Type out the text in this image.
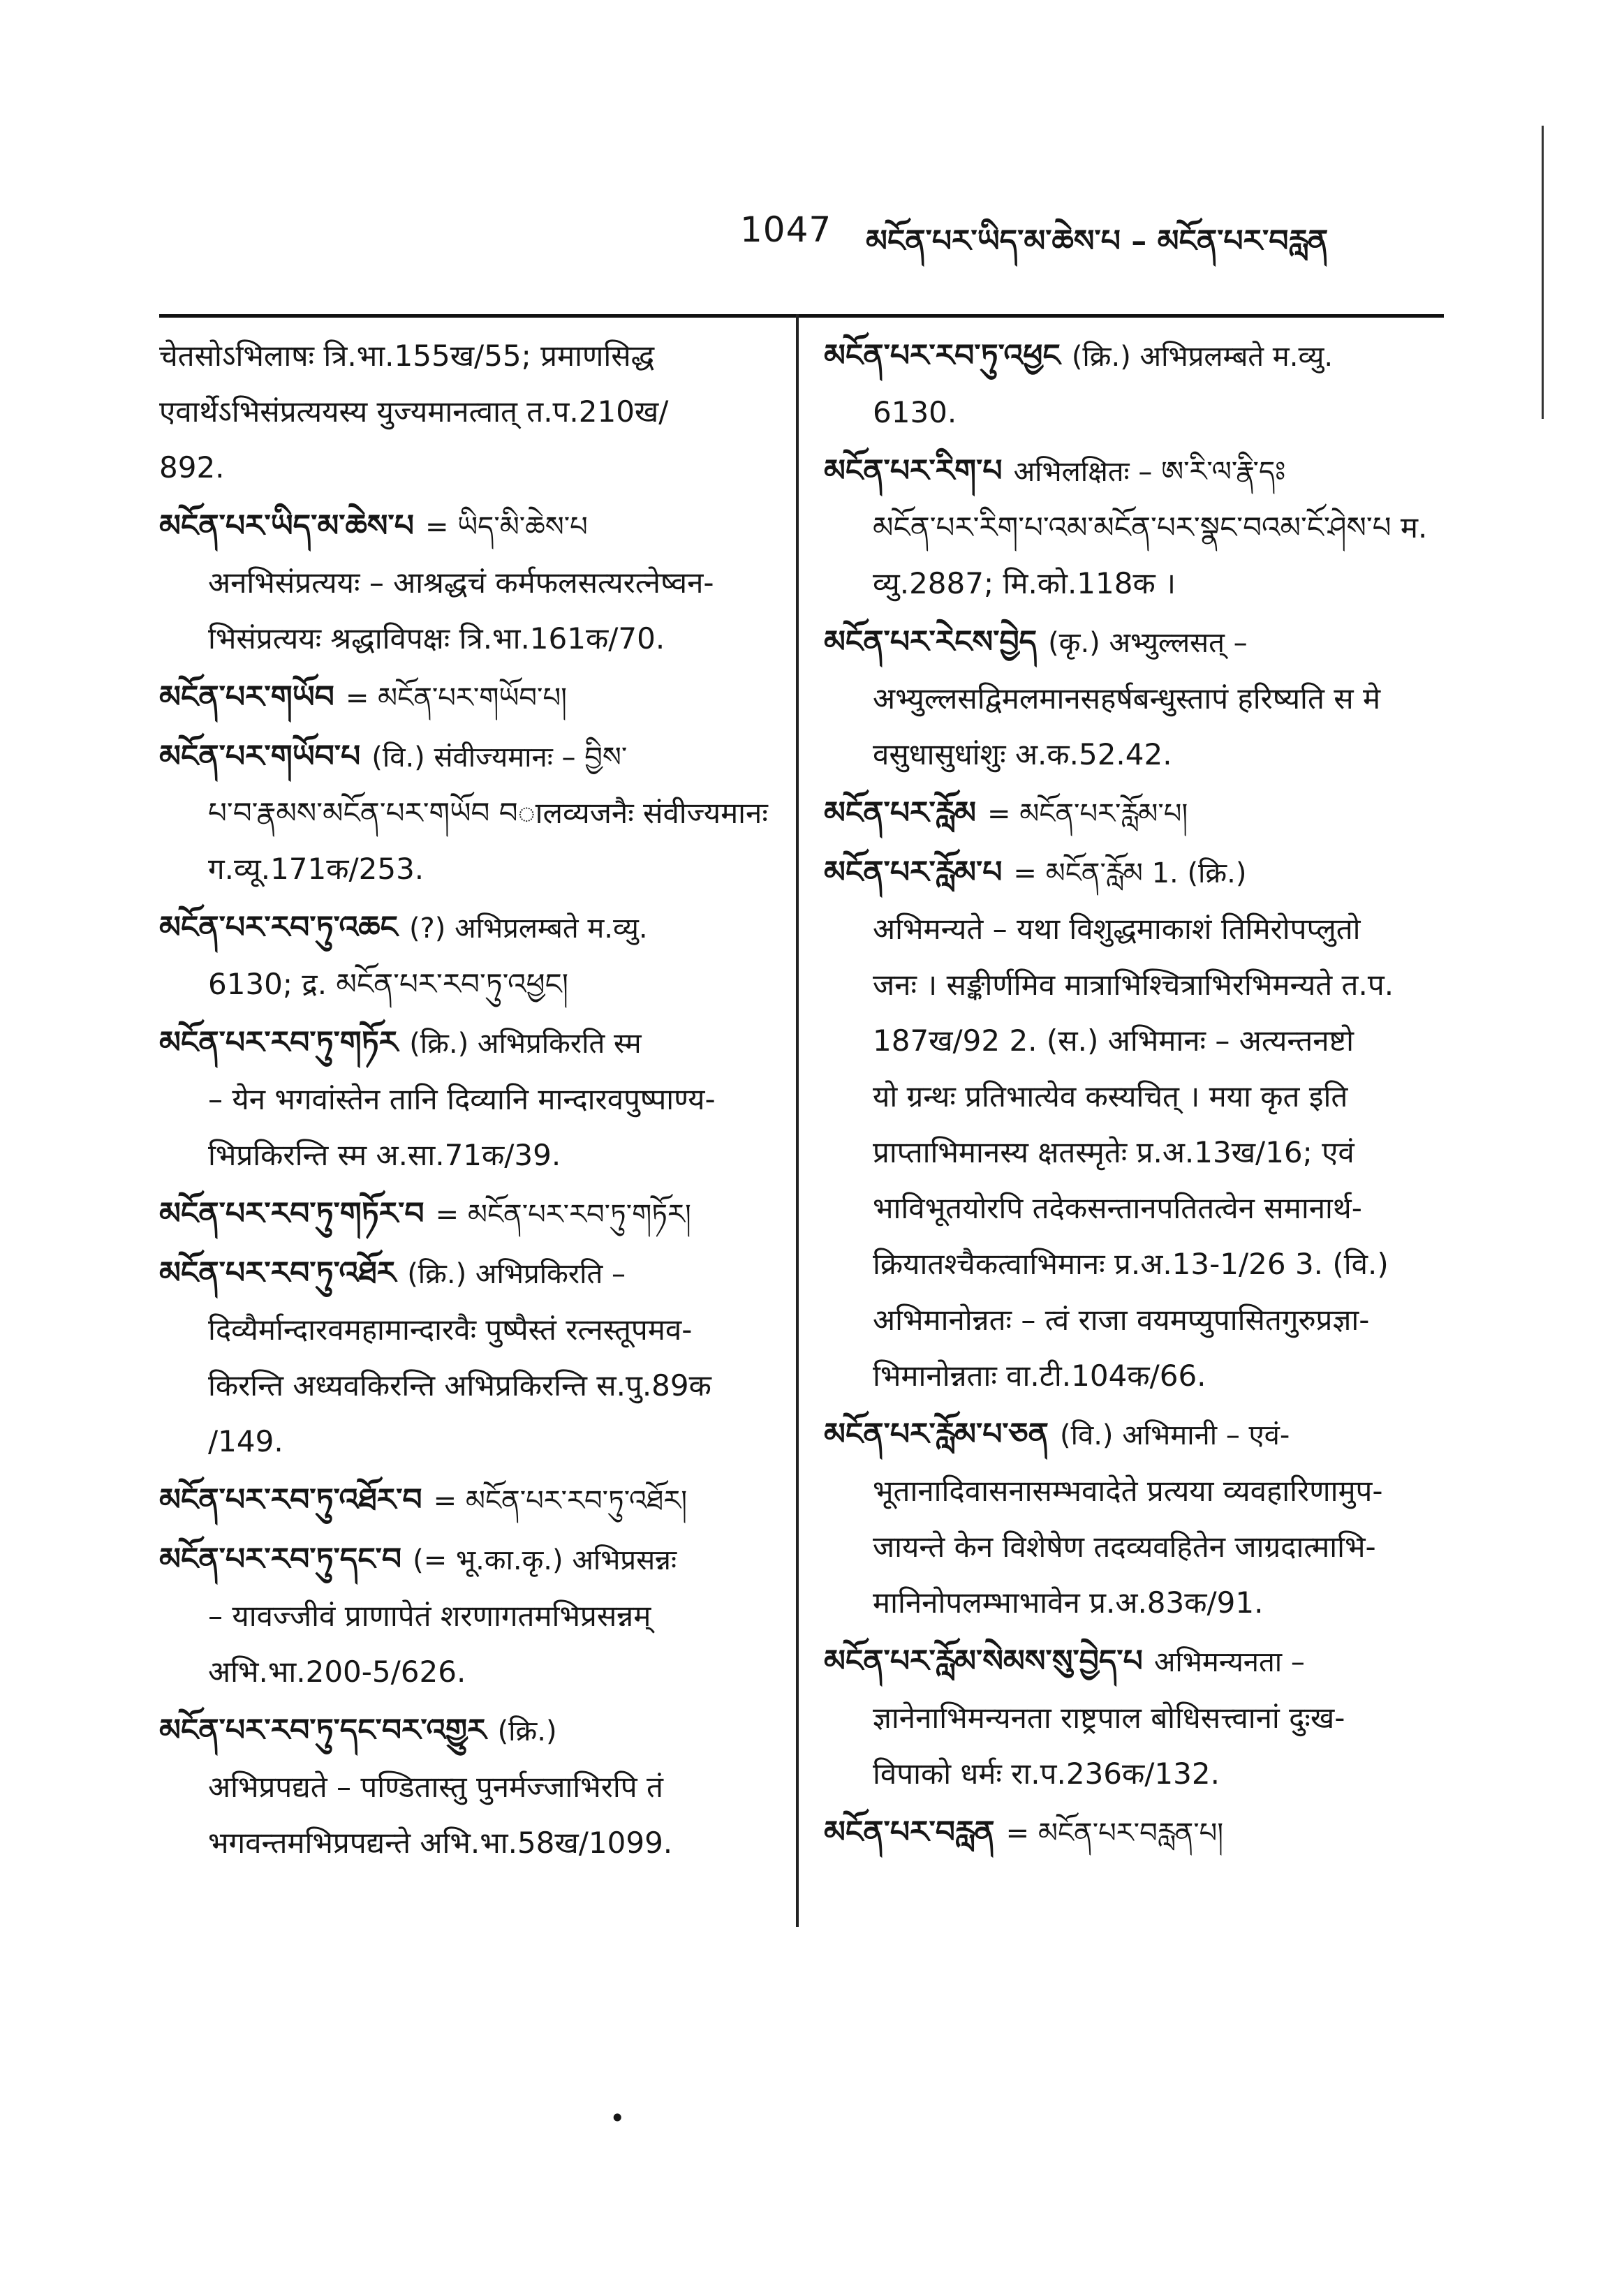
1047 མངོན་པར་ཡིད་མ་ཆེས་པ – མངོན་པར་བརླན
•

चेतसोऽभिलाषः त्रि.भा.155ख/55; प्रमाणसिद्ध

एवार्थेऽभिसंप्रत्ययस्य युज्यमानत्वात् त.प.210ख/

892.

མངོན་པར་ཡིད་མ་ཆེས་པ = ཡིད་མི་ཆེས་པ

अनभिसंप्रत्ययः – आश्रद्धचं कर्मफलसत्यरत्नेष्वन-

भिसंप्रत्ययः श्रद्धाविपक्षः त्रि.भा.161क/70.

མངོན་པར་གཡོབ = མངོན་པར་གཡོབ་པ།

མངོན་པར་གཡོབ་པ (वि.) संवीज्यमानः – བྱིས་

པ་བ་རྣམས་མངོན་པར་གཡོབ བालव्यजनैः संवीज्यमानः

ग.व्यू.171क/253.

མངོན་པར་རབ་ཏུ་འཆང (?) अभिप्रलम्बते म.व्यु.

6130; द्र. མངོན་པར་རབ་ཏུ་འཕྱང།

མངོན་པར་རབ་ཏུ་གཏོར (क्रि.) अभिप्रकिरति स्म

– येन भगवांस्तेन तानि दिव्यानि मान्दारवपुष्पाण्य-

भिप्रकिरन्ति स्म अ.सा.71क/39.

མངོན་པར་རབ་ཏུ་གཏོར་བ = མངོན་པར་རབ་ཏུ་གཏོར།

མངོན་པར་རབ་ཏུ་འཐོར (क्रि.) अभिप्रकिरति –

दिव्यैर्मान्दारवमहामान्दारवैः पुष्पैस्तं रत्नस्तूपमव-

किरन्ति अध्यवकिरन्ति अभिप्रकिरन्ति स.पु.89क

/149.

མངོན་པར་རབ་ཏུ་འཐོར་བ = མངོན་པར་རབ་ཏུ་འཐོར།

མངོན་པར་རབ་ཏུ་དང་བ (= भू.का.कृ.) अभिप्रसन्नः

– यावज्जीवं प्राणापेतं शरणागतमभिप्रसन्नम्

अभि.भा.200-5/626.

མངོན་པར་རབ་ཏུ་དང་བར་འགྱུར (क्रि.)

अभिप्रपद्यते – पण्डितास्तु पुनर्मज्जाभिरपि तं

भगवन्तमभिप्रपद्यन्ते अभि.भा.58ख/1099.

མངོན་པར་རབ་ཏུ་འཕྱང (क्रि.) अभिप्रलम्बते म.व्यु.

6130.

མངོན་པར་རིག་པ अभिलक्षितः – ཨ་རི་ལ་རྣི་དཿ

མངོན་པར་རིག་པ་འམ་མངོན་པར་སྣང་བའམ་ངོ་ཤེས་པ म.

व्यु.2887; मि.को.118क ।

མངོན་པར་རེངས་བྱེད (कृ.) अभ्युल्लसत् –

अभ्युल्लसद्विमलमानसहर्षबन्धुस्तापं हरिष्यति स मे

वसुधासुधांशुः अ.क.52.42.

མངོན་པར་རློམ = མངོན་པར་རློམ་པ།

མངོན་པར་རློམ་པ = མངོན་རློམ 1. (क्रि.)

अभिमन्यते – यथा विशुद्धमाकाशं तिमिरोपप्लुतो

जनः । सङ्कीर्णमिव मात्राभिश्चित्राभिरभिमन्यते त.प.

187ख/92 2. (स.) अभिमानः – अत्यन्तनष्टो

यो ग्रन्थः प्रतिभात्येव कस्यचित् । मया कृत इति

प्राप्ताभिमानस्य क्षतस्मृतेः प्र.अ.13ख/16; एवं

भाविभूतयोरपि तदेकसन्तानपतितत्वेन समानार्थ-

क्रियातश्चैकत्वाभिमानः प्र.अ.13-1/26 3. (वि.)

अभिमानोन्नतः – त्वं राजा वयमप्युपासितगुरुप्रज्ञा-

भिमानोन्नताः वा.टी.104क/66.

མངོན་པར་རློམ་པ་ཅན (वि.) अभिमानी – एवं-

भूतानादिवासनासम्भवादेते प्रत्यया व्यवहारिणामुप-

जायन्ते केन विशेषेण तदव्यवहितेन जाग्रदात्माभि-

मानिनोपलम्भाभावेन प्र.अ.83क/91.

མངོན་པར་རློམ་སེམས་སུ་བྱེད་པ अभिमन्यनता –

ज्ञानेनाभिमन्यनता राष्ट्रपाल बोधिसत्त्वानां दुःख-

विपाको धर्मः रा.प.236क/132.

མངོན་པར་བརླན = མངོན་པར་བརླན་པ།
